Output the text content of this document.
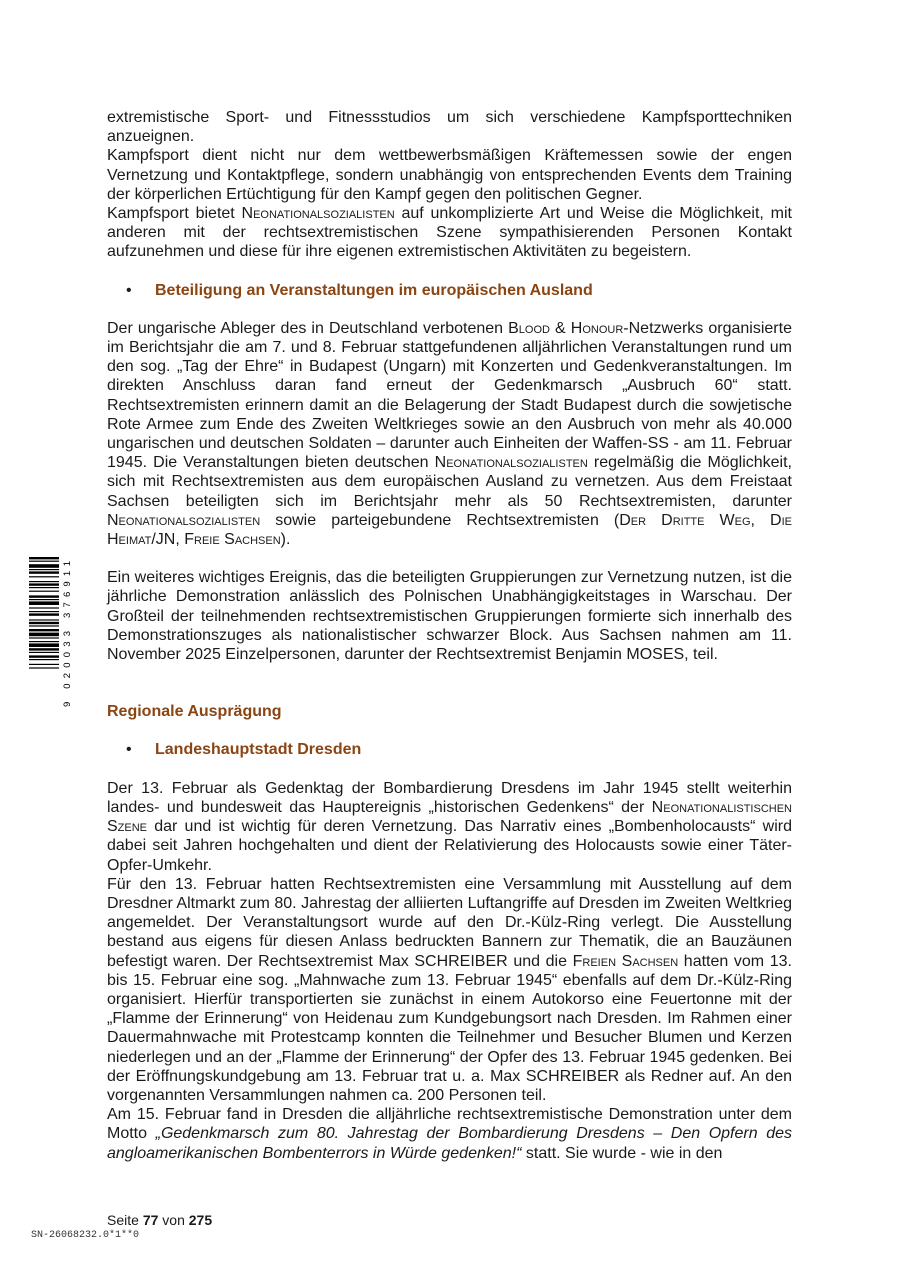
9 020033 376911

extremistische Sport- und Fitnessstudios um sich verschiedene Kampfsporttechniken anzueignen.

Kampfsport dient nicht nur dem wettbewerbsmäßigen Kräftemessen sowie der engen Vernetzung und Kontaktpflege, sondern unabhängig von entsprechenden Events dem Training der körperlichen Ertüchtigung für den Kampf gegen den politischen Gegner.

Kampfsport bietet Neonationalsozialisten auf unkomplizierte Art und Weise die Möglichkeit, mit anderen mit der rechtsextremistischen Szene sympathisierenden Personen Kontakt aufzunehmen und diese für ihre eigenen extremistischen Aktivitäten zu begeistern.

• Beteiligung an Veranstaltungen im europäischen Ausland

Der ungarische Ableger des in Deutschland verbotenen Blood & Honour-Netzwerks organisierte im Berichtsjahr die am 7. und 8. Februar stattgefundenen alljährlichen Veranstaltungen rund um den sog. „Tag der Ehre“ in Budapest (Ungarn) mit Konzerten und Gedenkveranstaltungen. Im direkten Anschluss daran fand erneut der Gedenkmarsch „Ausbruch 60“ statt. Rechtsextremisten erinnern damit an die Belagerung der Stadt Budapest durch die sowjetische Rote Armee zum Ende des Zweiten Weltkrieges sowie an den Ausbruch von mehr als 40.000 ungarischen und deutschen Soldaten – darunter auch Einheiten der Waffen-SS - am 11. Februar 1945. Die Veranstaltungen bieten deutschen Neonationalsozialisten regelmäßig die Möglichkeit, sich mit Rechtsextremisten aus dem europäischen Ausland zu vernetzen. Aus dem Freistaat Sachsen beteiligten sich im Berichtsjahr mehr als 50 Rechtsextremisten, darunter Neonationalsozialisten sowie parteigebundene Rechtsextremisten (Der Dritte Weg, Die Heimat/JN, Freie Sachsen).

Ein weiteres wichtiges Ereignis, das die beteiligten Gruppierungen zur Vernetzung nutzen, ist die jährliche Demonstration anlässlich des Polnischen Unabhängigkeitstages in Warschau. Der Großteil der teilnehmenden rechtsextremistischen Gruppierungen formierte sich innerhalb des Demonstrationszuges als nationalistischer schwarzer Block. Aus Sachsen nahmen am 11. November 2025 Einzelpersonen, darunter der Rechtsextremist Benjamin MOSES, teil.

Regionale Ausprägung

• Landeshauptstadt Dresden

Der 13. Februar als Gedenktag der Bombardierung Dresdens im Jahr 1945 stellt weiterhin landes- und bundesweit das Hauptereignis „historischen Gedenkens“ der Neonationalistischen Szene dar und ist wichtig für deren Vernetzung. Das Narrativ eines „Bombenholocausts“ wird dabei seit Jahren hochgehalten und dient der Relativierung des Holocausts sowie einer Täter-Opfer-Umkehr.

Für den 13. Februar hatten Rechtsextremisten eine Versammlung mit Ausstellung auf dem Dresdner Altmarkt zum 80. Jahrestag der alliierten Luftangriffe auf Dresden im Zweiten Weltkrieg angemeldet. Der Veranstaltungsort wurde auf den Dr.-Külz-Ring verlegt. Die Ausstellung bestand aus eigens für diesen Anlass bedruckten Bannern zur Thematik, die an Bauzäunen befestigt waren. Der Rechtsextremist Max SCHREIBER und die Freien Sachsen hatten vom 13. bis 15. Februar eine sog. „Mahnwache zum 13. Februar 1945“ ebenfalls auf dem Dr.-Külz-Ring organisiert. Hierfür transportierten sie zunächst in einem Autokorso eine Feuertonne mit der „Flamme der Erinnerung“ von Heidenau zum Kundgebungsort nach Dresden. Im Rahmen einer Dauermahnwache mit Protestcamp konnten die Teilnehmer und Besucher Blumen und Kerzen niederlegen und an der „Flamme der Erinnerung“ der Opfer des 13. Februar 1945 gedenken. Bei der Eröffnungskundgebung am 13. Februar trat u. a. Max SCHREIBER als Redner auf. An den vorgenannten Versammlungen nahmen ca. 200 Personen teil.

Am 15. Februar fand in Dresden die alljährliche rechtsextremistische Demonstration unter dem Motto „Gedenkmarsch zum 80. Jahrestag der Bombardierung Dresdens – Den Opfern des angloamerikanischen Bombenterrors in Würde gedenken!“ statt. Sie wurde - wie in den

Seite 77 von 275
SN-26068232.0*1**0
